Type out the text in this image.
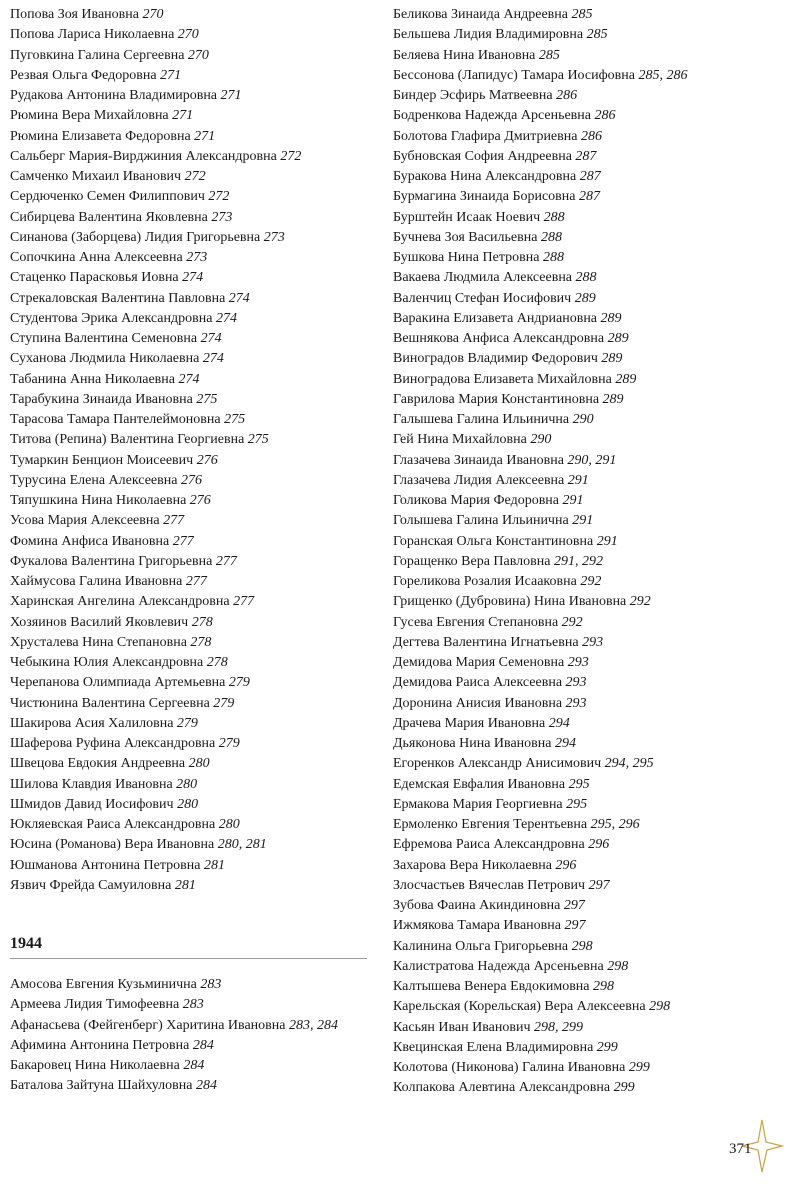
Попова Зоя Ивановна 270
Попова Лариса Николаевна 270
Пуговкина Галина Сергеевна 270
Резвая Ольга Федоровна 271
Рудакова Антонина Владимировна 271
Рюмина Вера Михайловна 271
Рюмина Елизавета Федоровна 271
Сальберг Мария-Вирджиния Александровна 272
Самченко Михаил Иванович 272
Сердюченко Семен Филиппович 272
Сибирцева Валентина Яковлевна 273
Синанова (Заборцева) Лидия Григорьевна 273
Сопочкина Анна Алексеевна 273
Стаценко Парасковья Иовна 274
Стрекаловская Валентина Павловна 274
Студентова Эрика Александровна 274
Ступина Валентина Семеновна 274
Суханова Людмила Николаевна 274
Табанина Анна Николаевна 274
Тарабукина Зинаида Ивановна 275
Тарасова Тамара Пантелеймоновна 275
Титова (Репина) Валентина Георгиевна 275
Тумаркин Бенцион Моисеевич 276
Турусина Елена Алексеевна 276
Тяпушкина Нина Николаевна 276
Усова Мария Алексеевна 277
Фомина Анфиса Ивановна 277
Фукалова Валентина Григорьевна 277
Хаймусова Галина Ивановна 277
Харинская Ангелина Александровна 277
Хозяинов Василий Яковлевич 278
Хрусталева Нина Степановна 278
Чебыкина Юлия Александровна 278
Черепанова Олимпиада Артемьевна 279
Чистюнина Валентина Сергеевна 279
Шакирова Асия Халиловна 279
Шаферова Руфина Александровна 279
Швецова Евдокия Андреевна 280
Шилова Клавдия Ивановна 280
Шмидов Давид Иосифович 280
Юкляевская Раиса Александровна 280
Юсина (Романова) Вера Ивановна 280, 281
Юшманова Антонина Петровна 281
Язвич Фрейда Самуиловна 281
1944
Амосова Евгения Кузьминична 283
Армеева Лидия Тимофеевна 283
Афанасьева (Фейгенберг) Харитина Ивановна 283, 284
Афимина Антонина Петровна 284
Бакаровец Нина Николаевна 284
Баталова Зайтуна Шайхуловна 284
Беликова Зинаида Андреевна 285
Бельшева Лидия Владимировна 285
Беляева Нина Ивановна 285
Бессонова (Лапидус) Тамара Иосифовна 285, 286
Биндер Эсфирь Матвеевна 286
Бодренкова Надежда Арсеньевна 286
Болотова Глафира Дмитриевна 286
Бубновская София Андреевна 287
Буракова Нина Александровна 287
Бурмагина Зинаида Борисовна 287
Бурштейн Исаак Ноевич 288
Бучнева Зоя Васильевна 288
Бушкова Нина Петровна 288
Вакаева Людмила Алексеевна 288
Валенчиц Стефан Иосифович 289
Варакина Елизавета Андриановна 289
Вешнякова Анфиса Александровна 289
Виноградов Владимир Федорович 289
Виноградова Елизавета Михайловна 289
Гаврилова Мария Константиновна 289
Галышева Галина Ильинична 290
Гей Нина Михайловна 290
Глазачева Зинаида Ивановна 290, 291
Глазачева Лидия Алексеевна 291
Голикова Мария Федоровна 291
Голышева Галина Ильинична 291
Горанская Ольга Константиновна 291
Горащенко Вера Павловна 291, 292
Гореликова Розалия Исааковна 292
Грищенко (Дубровина) Нина Ивановна 292
Гусева Евгения Степановна 292
Дегтева Валентина Игнатьевна 293
Демидова Мария Семеновна 293
Демидова Раиса Алексеевна 293
Доронина Анисия Ивановна 293
Драчева Мария Ивановна 294
Дьяконова Нина Ивановна 294
Егоренков Александр Анисимович 294, 295
Едемская Евфалия Ивановна 295
Ермакова Мария Георгиевна 295
Ермоленко Евгения Терентьевна 295, 296
Ефремова Раиса Александровна 296
Захарова Вера Николаевна 296
Злосчастьев Вячеслав Петрович 297
Зубова Фаина Акиндиновна 297
Ижмякова Тамара Ивановна 297
Калинина Ольга Григорьевна 298
Калистратова Надежда Арсеньевна 298
Калтышева Венера Евдокимовна 298
Карельская (Корельская) Вера Алексеевна 298
Касьян Иван Иванович 298, 299
Квецинская Елена Владимировна 299
Колотова (Никонова) Галина Ивановна 299
Колпакова Алевтина Александровна 299
371
